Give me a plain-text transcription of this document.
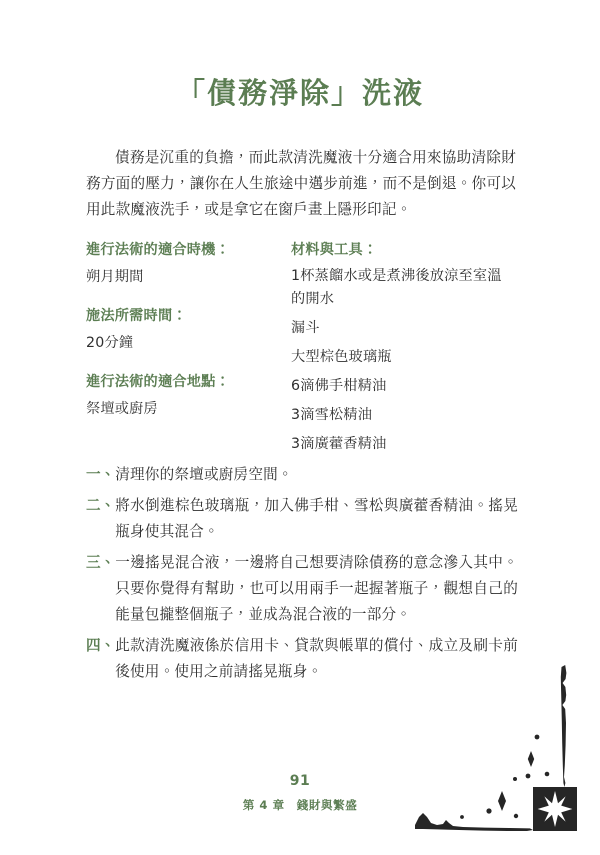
「債務淨除」洗液

債務是沉重的負擔，而此款清洗魔液十分適合用來協助清除財務方面的壓力，讓你在人生旅途中邁步前進，而不是倒退。你可以用此款魔液洗手，或是拿它在窗戶畫上隱形印記。

進行法術的適合時機：
朔月期間
施法所需時間：
20分鐘
進行法術的適合地點：
祭壇或廚房
材料與工具：
1杯蒸餾水或是煮沸後放涼至室溫的開水
漏斗
大型棕色玻璃瓶
6滴佛手柑精油
3滴雪松精油
3滴廣藿香精油
一、 清理你的祭壇或廚房空間。
二、 將水倒進棕色玻璃瓶，加入佛手柑、雪松與廣藿香精油。搖晃瓶身使其混合。
三、 一邊搖晃混合液，一邊將自己想要清除債務的意念滲入其中。只要你覺得有幫助，也可以用兩手一起握著瓶子，觀想自己的能量包攏整個瓶子，並成為混合液的一部分。
四、 此款清洗魔液係於信用卡、貸款與帳單的償付、成立及刷卡前後使用。使用之前請搖晃瓶身。
91
第 4 章　錢財與繁盛
